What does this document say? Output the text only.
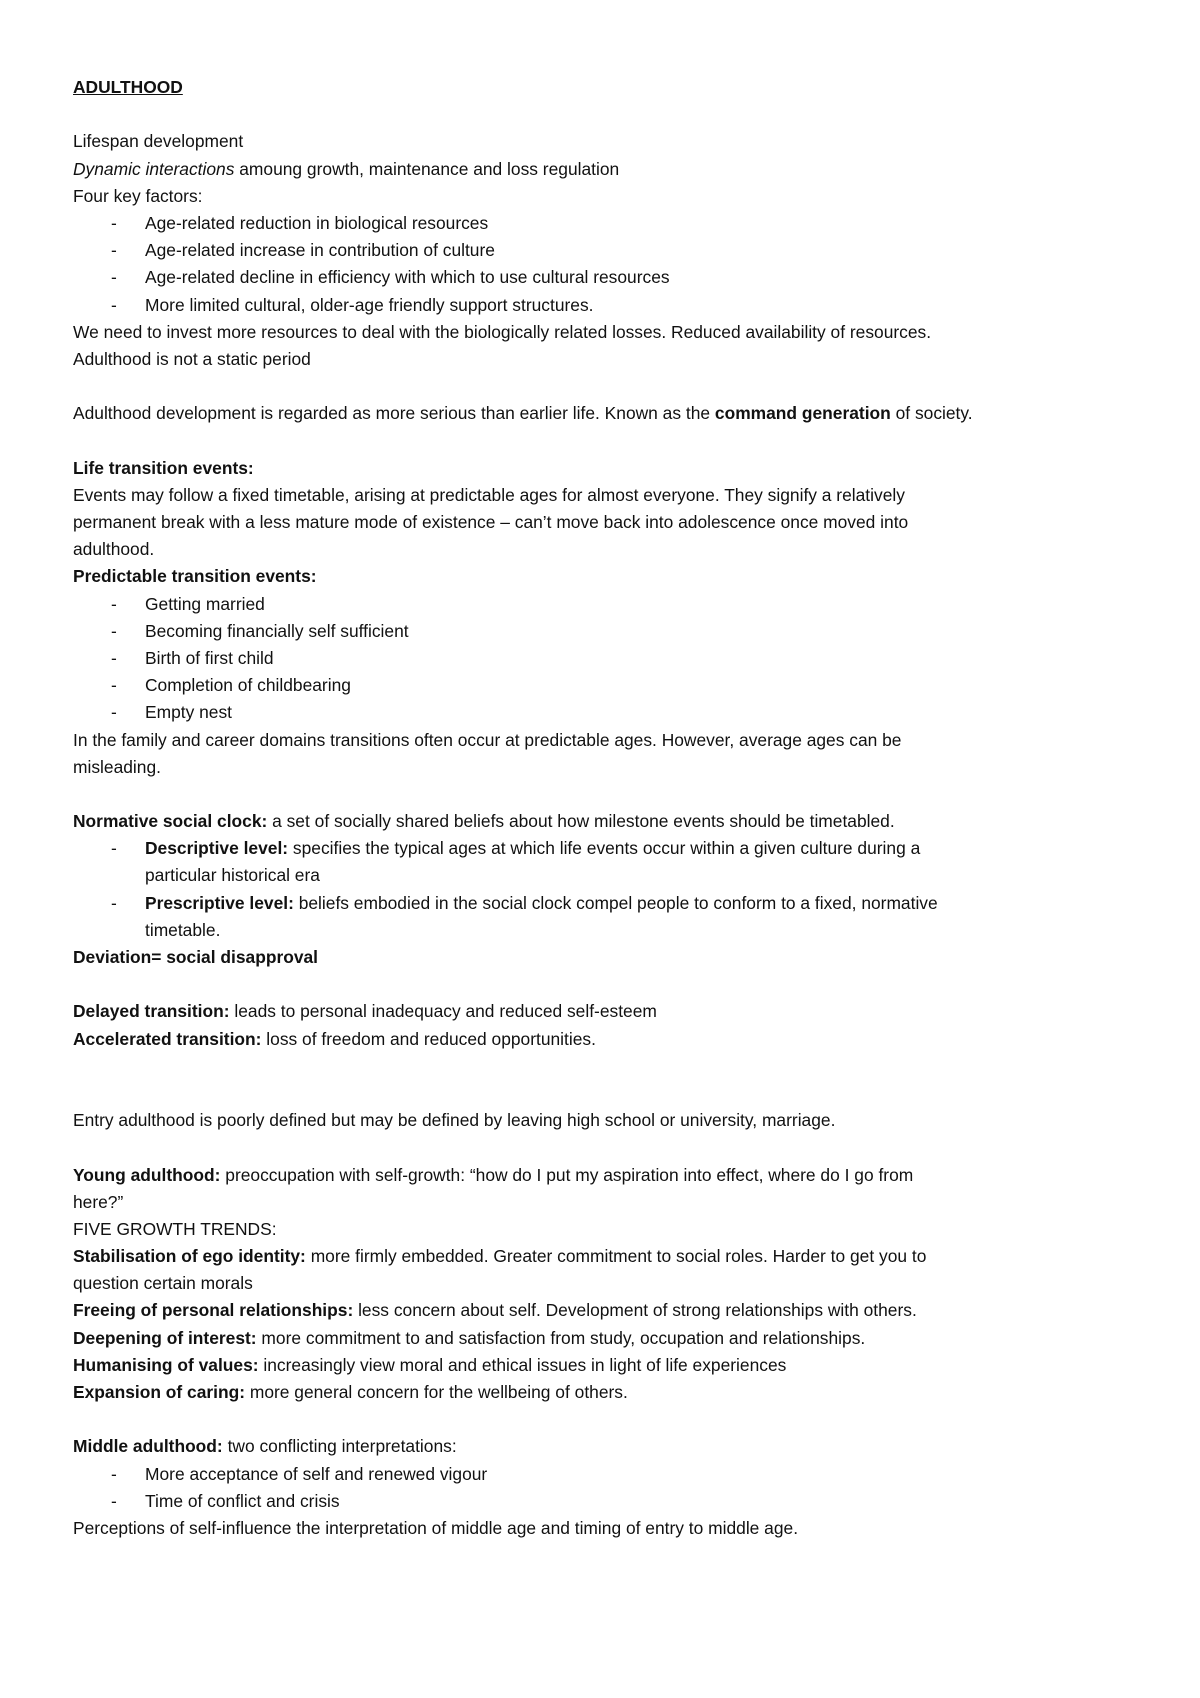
ADULTHOOD
Lifespan development
Dynamic interactions amoung growth, maintenance and loss regulation
Four key factors:
- Age-related reduction in biological resources
- Age-related increase in contribution of culture
- Age-related decline in efficiency with which to use cultural resources
- More limited cultural, older-age friendly support structures.
We need to invest more resources to deal with the biologically related losses. Reduced availability of resources.
Adulthood is not a static period
Adulthood development is regarded as more serious than earlier life. Known as the command generation of society.
Life transition events:
Events may follow a fixed timetable, arising at predictable ages for almost everyone. They signify a relatively
permanent break with a less mature mode of existence – can’t move back into adolescence once moved into
adulthood.
Predictable transition events:
- Getting married
- Becoming financially self sufficient
- Birth of first child
- Completion of childbearing
- Empty nest
In the family and career domains transitions often occur at predictable ages. However, average ages can be
misleading.
Normative social clock: a set of socially shared beliefs about how milestone events should be timetabled.
- Descriptive level: specifies the typical ages at which life events occur within a given culture during a
particular historical era
- Prescriptive level: beliefs embodied in the social clock compel people to conform to a fixed, normative
timetable.
Deviation= social disapproval
Delayed transition: leads to personal inadequacy and reduced self-esteem
Accelerated transition: loss of freedom and reduced opportunities.
Entry adulthood is poorly defined but may be defined by leaving high school or university, marriage.
Young adulthood: preoccupation with self-growth: “how do I put my aspiration into effect, where do I go from
here?”
FIVE GROWTH TRENDS:
Stabilisation of ego identity: more firmly embedded. Greater commitment to social roles. Harder to get you to
question certain morals
Freeing of personal relationships: less concern about self. Development of strong relationships with others.
Deepening of interest: more commitment to and satisfaction from study, occupation and relationships.
Humanising of values: increasingly view moral and ethical issues in light of life experiences
Expansion of caring: more general concern for the wellbeing of others.
Middle adulthood: two conflicting interpretations:
- More acceptance of self and renewed vigour
- Time of conflict and crisis
Perceptions of self-influence the interpretation of middle age and timing of entry to middle age.
